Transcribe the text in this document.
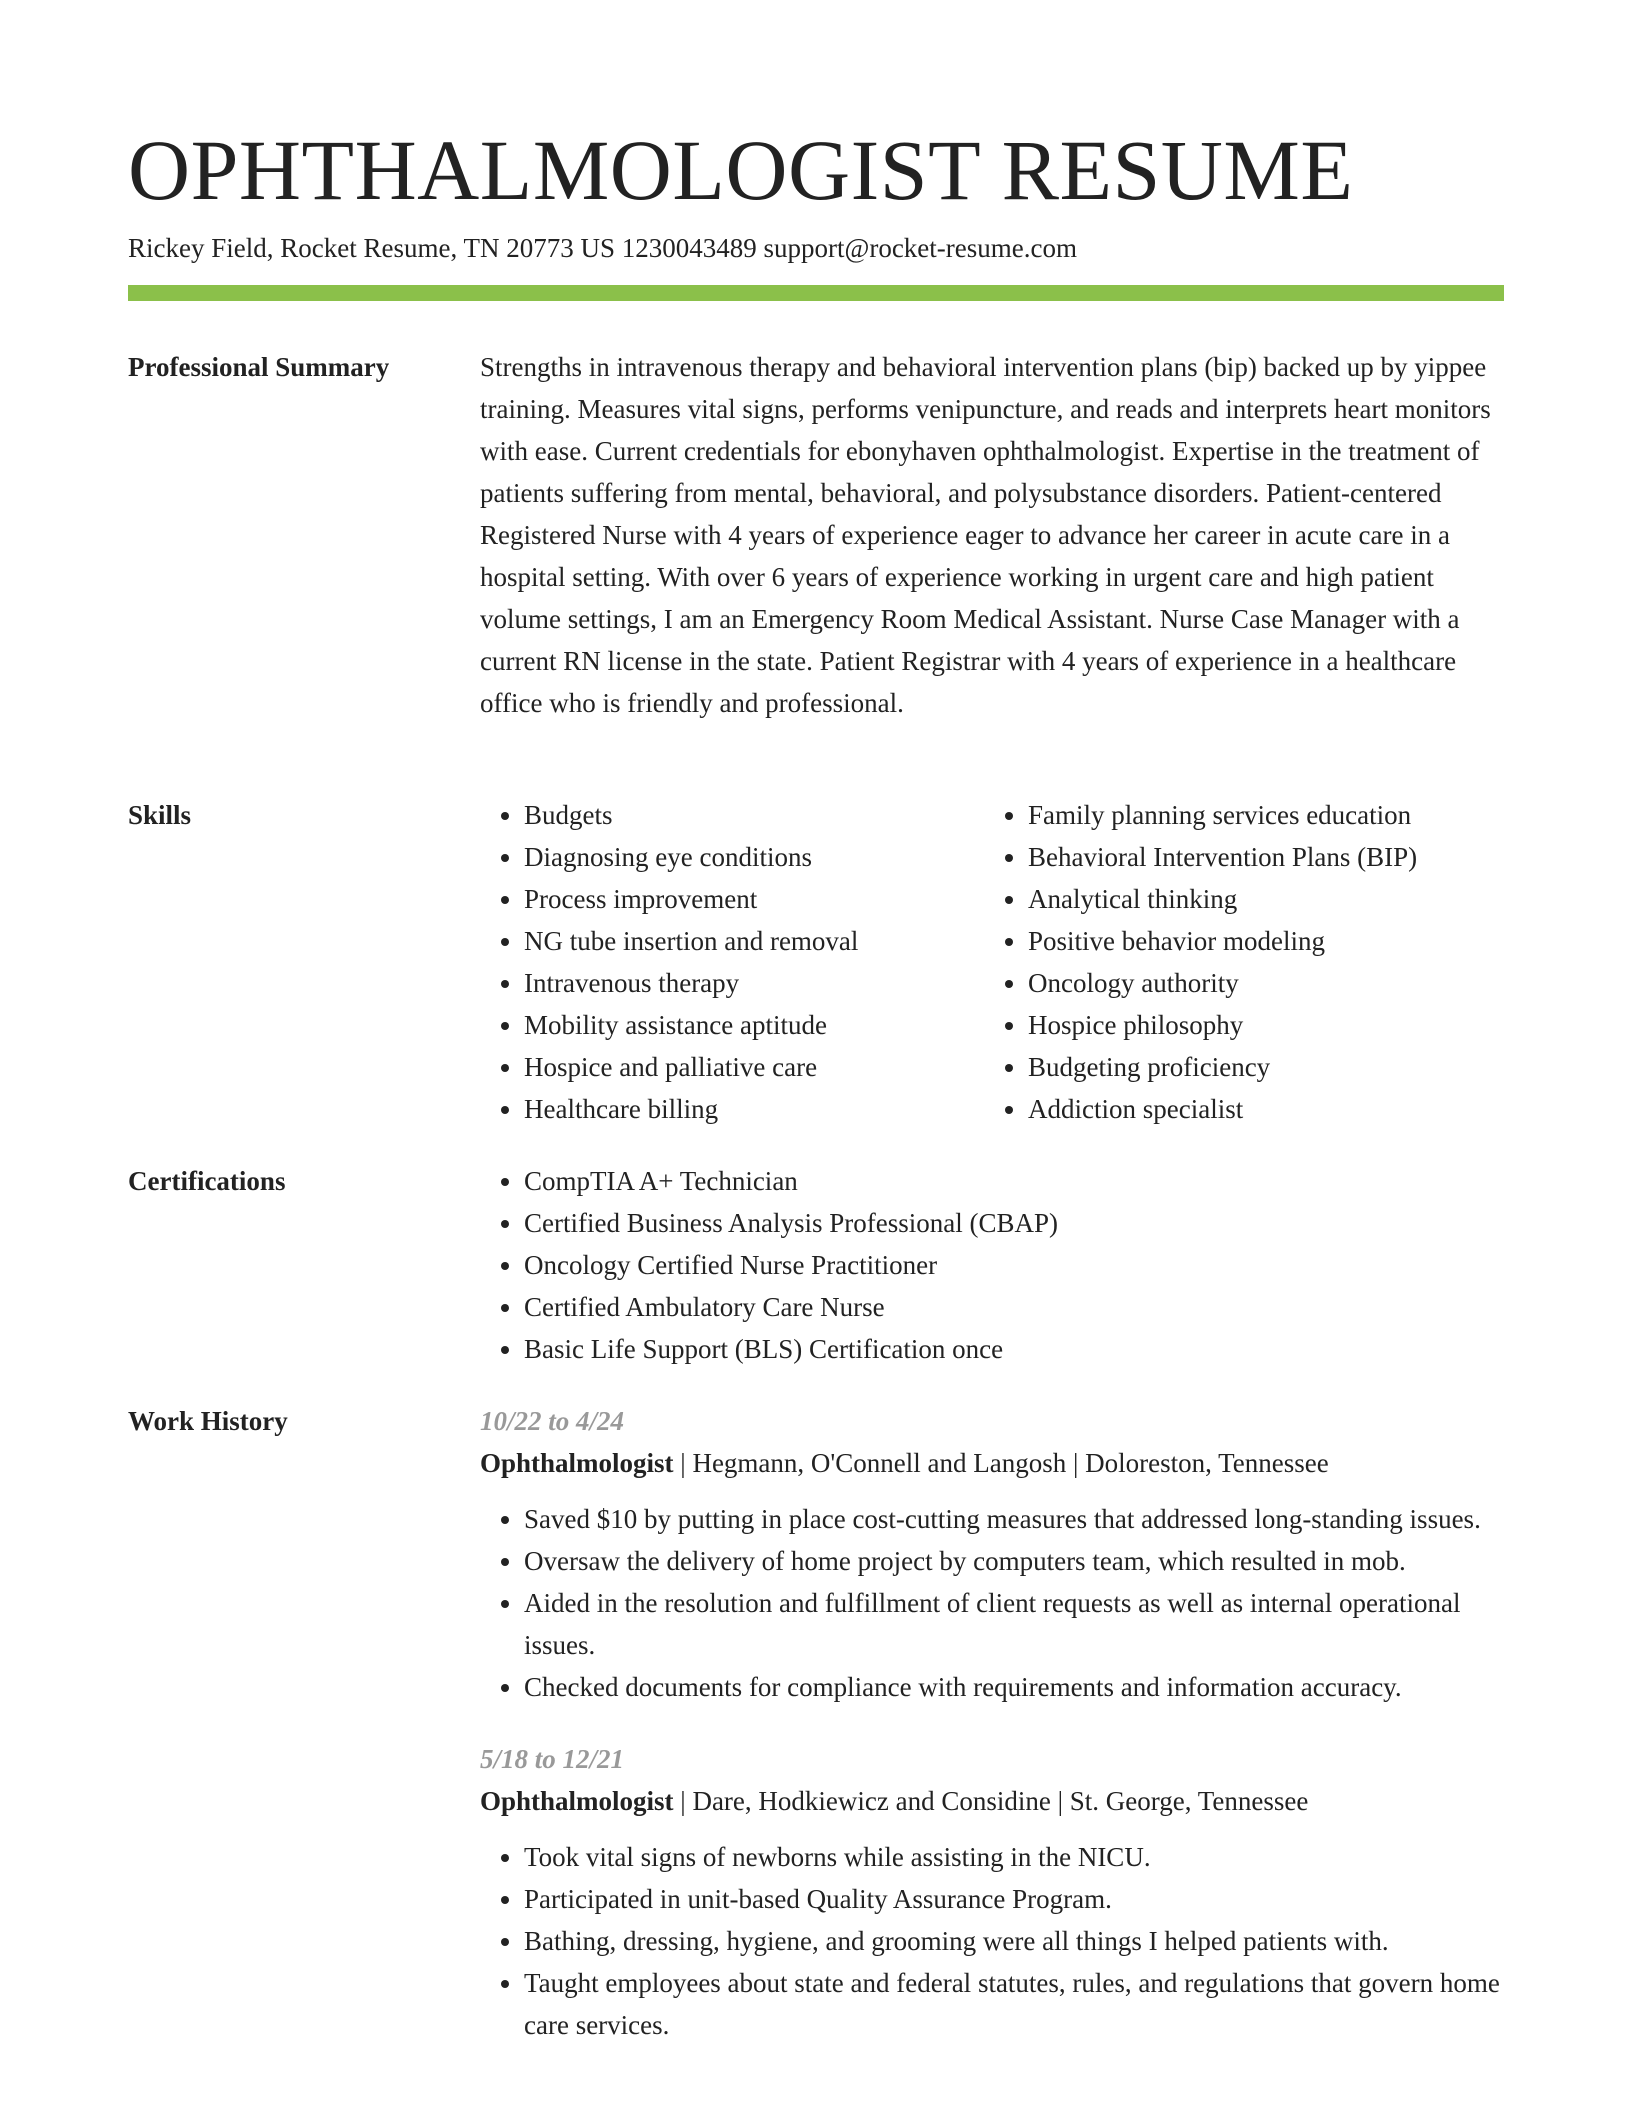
OPHTHALMOLOGIST RESUME
Rickey Field, Rocket Resume, TN 20773 US 1230043489 support@rocket-resume.com
Professional Summary	Strengths in intravenous therapy and behavioral intervention plans (bip) backed up by yippee training. Measures vital signs, performs venipuncture, and reads and interprets heart monitors with ease. Current credentials for ebonyhaven ophthalmologist. Expertise in the treatment of patients suffering from mental, behavioral, and polysubstance disorders. Patient-centered Registered Nurse with 4 years of experience eager to advance her career in acute care in a hospital setting. With over 6 years of experience working in urgent care and high patient volume settings, I am an Emergency Room Medical Assistant. Nurse Case Manager with a current RN license in the state. Patient Registrar with 4 years of experience in a healthcare office who is friendly and professional.

Skills	• Budgets
• Diagnosing eye conditions
• Process improvement
• NG tube insertion and removal
• Intravenous therapy
• Mobility assistance aptitude
• Hospice and palliative care
• Healthcare billing
• Family planning services education
• Behavioral Intervention Plans (BIP)
• Analytical thinking
• Positive behavior modeling
• Oncology authority
• Hospice philosophy
• Budgeting proficiency
• Addiction specialist
Certifications	• CompTIA A+ Technician
• Certified Business Analysis Professional (CBAP)
• Oncology Certified Nurse Practitioner
• Certified Ambulatory Care Nurse
• Basic Life Support (BLS) Certification once
Work History	10/22 to 4/24
Ophthalmologist | Hegmann, O'Connell and Langosh | Doloreston, Tennessee
• Saved $10 by putting in place cost-cutting measures that addressed long-standing issues.
• Oversaw the delivery of home project by computers team, which resulted in mob.
• Aided in the resolution and fulfillment of client requests as well as internal operational issues.
• Checked documents for compliance with requirements and information accuracy.
5/18 to 12/21
Ophthalmologist | Dare, Hodkiewicz and Considine | St. George, Tennessee
• Took vital signs of newborns while assisting in the NICU.
• Participated in unit-based Quality Assurance Program.
• Bathing, dressing, hygiene, and grooming were all things I helped patients with.
• Taught employees about state and federal statutes, rules, and regulations that govern home care services.
